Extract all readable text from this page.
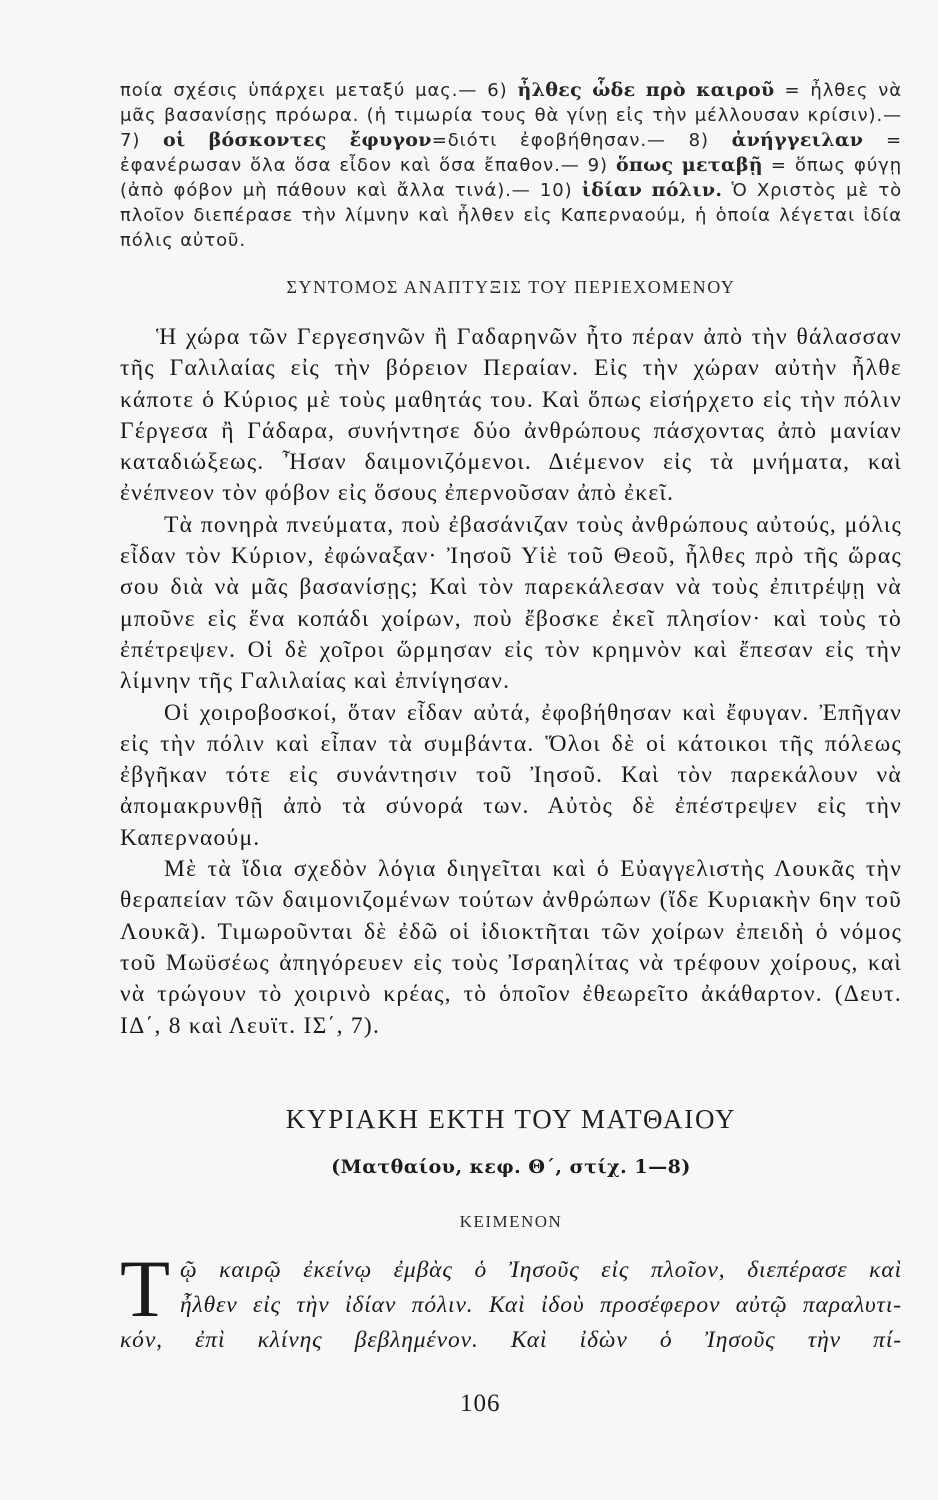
ποία σχέσις ὑπάρχει μεταξύ μας.— 6) ἦλθες ὧδε πρὸ καιροῦ = ἦλθες νὰ μᾶς βασανίσῃς πρόωρα. (ἡ τιμωρία τους θὰ γίνῃ εἰς τὴν μέλλουσαν κρίσιν).— 7) οἱ βόσκοντες ἔφυγον=διότι ἐφοβήθησαν.— 8) ἀνήγγειλαν = ἐφανέρωσαν ὅλα ὅσα εἶδον καὶ ὅσα ἔπαθον.— 9) ὅπως μεταβῇ = ὅπως φύγῃ (ἀπὸ φόβον μὴ πάθουν καὶ ἄλλα τινά).— 10) ἰδίαν πόλιν. Ὁ Χριστὸς μὲ τὸ πλοῖον διεπέρασε τὴν λίμνην καὶ ἦλθεν εἰς Καπερναούμ, ἡ ὁποία λέγεται ἰδία πόλις αὐτοῦ.
ΣΥΝΤΟΜΟΣ ΑΝΑΠΤΥΞΙΣ ΤΟΥ ΠΕΡΙΕΧΟΜΕΝΟΥ

Ἡ χώρα τῶν Γεργεσηνῶν ἢ Γαδαρηνῶν ἦτο πέραν ἀπὸ τὴν θάλασσαν τῆς Γαλιλαίας εἰς τὴν βόρειον Περαίαν. Εἰς τὴν χώραν αὐτὴν ἦλθε κάποτε ὁ Κύριος μὲ τοὺς μαθητάς του. Καὶ ὅπως εἰσήρχετο εἰς τὴν πόλιν Γέργεσα ἢ Γάδαρα, συνήντησε δύο ἀνθρώπους πάσχοντας ἀπὸ μανίαν καταδιώξεως. Ἦσαν δαιμονιζόμενοι. Διέμενον εἰς τὰ μνήματα, καὶ ἐνέπνεον τὸν φόβον εἰς ὅσους ἐπερνοῦσαν ἀπὸ ἐκεῖ.

Τὰ πονηρὰ πνεύματα, ποὺ ἐβασάνιζαν τοὺς ἀνθρώπους αὐτούς, μόλις εἶδαν τὸν Κύριον, ἐφώναξαν· Ἰησοῦ Υἱὲ τοῦ Θεοῦ, ἦλθες πρὸ τῆς ὥρας σου διὰ νὰ μᾶς βασανίσῃς; Καὶ τὸν παρεκάλεσαν νὰ τοὺς ἐπιτρέψῃ νὰ μποῦνε εἰς ἕνα κοπάδι χοίρων, ποὺ ἔβοσκε ἐκεῖ πλησίον· καὶ τοὺς τὸ ἐπέτρεψεν. Οἱ δὲ χοῖροι ὥρμησαν εἰς τὸν κρημνὸν καὶ ἔπεσαν εἰς τὴν λίμνην τῆς Γαλιλαίας καὶ ἐπνίγησαν.

Οἱ χοιροβοσκοί, ὅταν εἶδαν αὐτά, ἐφοβήθησαν καὶ ἔφυγαν. Ἐπῆγαν εἰς τὴν πόλιν καὶ εἶπαν τὰ συμβάντα. Ὅλοι δὲ οἱ κάτοικοι τῆς πόλεως ἐβγῆκαν τότε εἰς συνάντησιν τοῦ Ἰησοῦ. Καὶ τὸν παρεκάλουν νὰ ἀπομακρυνθῇ ἀπὸ τὰ σύνορά των. Αὐτὸς δὲ ἐπέστρεψεν εἰς τὴν Καπερναούμ.

Μὲ τὰ ἴδια σχεδὸν λόγια διηγεῖται καὶ ὁ Εὐαγγελιστὴς Λουκᾶς τὴν θεραπείαν τῶν δαιμονιζομένων τούτων ἀνθρώπων (ἴδε Κυριακὴν 6ην τοῦ Λουκᾶ). Τιμωροῦνται δὲ ἐδῶ οἱ ἰδιοκτῆται τῶν χοίρων ἐπειδὴ ὁ νόμος τοῦ Μωϋσέως ἀπηγόρευεν εἰς τοὺς Ἰσραηλίτας νὰ τρέφουν χοίρους, καὶ νὰ τρώγουν τὸ χοιρινὸ κρέας, τὸ ὁποῖον ἐθεωρεῖτο ἀκάθαρτον. (Δευτ. ΙΔ΄, 8 καὶ Λευϊτ. ΙΣ΄, 7).

ΚΥΡΙΑΚΗ ΕΚΤΗ ΤΟΥ ΜΑΤΘΑΙΟΥ
(Ματθαίου, κεφ. Θ΄, στίχ. 1—8)
ΚΕΙΜΕΝΟΝ
Τ ῷ καιρῷ ἐκείνῳ ἐμβὰς ὁ Ἰησοῦς εἰς πλοῖον, διεπέρασε καὶ
ἦλθεν εἰς τὴν ἰδίαν πόλιν. Καὶ ἰδοὺ προσέφερον αὐτῷ παραλυτι-
κόν, ἐπὶ κλίνης βεβλημένον. Καὶ ἰδὼν ὁ Ἰησοῦς τὴν πί-
106
